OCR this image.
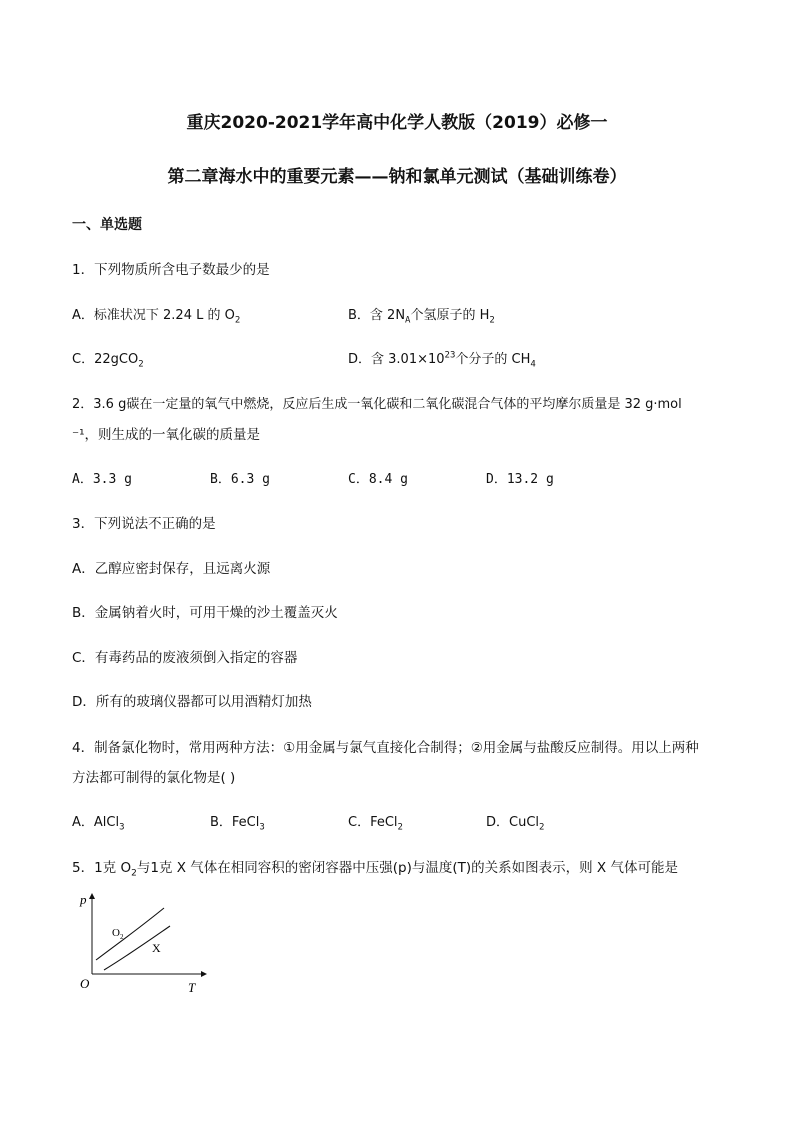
重庆2020-2021学年高中化学人教版（2019）必修一
第二章海水中的重要元素——钠和氯单元测试（基础训练卷）
一、单选题
1．下列物质所含电子数最少的是
A．标准状况下 2.24 L 的 $O_2$	B．含 $2N_A$个氢原子的 $H_2$
C．22gCO$_2$	D．含 $3.01\times 10^{23}$个分子的 $CH_4$
2．3.6 g碳在一定量的氧气中燃烧，反应后生成一氧化碳和二氧化碳混合气体的平均摩尔质量是 32 g·mol
⁻¹，则生成的一氧化碳的质量是
A．3.3 g	B．6.3 g	C．8.4 g	D．13.2 g
3．下列说法不正确的是
A．乙醇应密封保存，且远离火源
B．金属钠着火时，可用干燥的沙土覆盖灭火
C．有毒药品的废液须倒入指定的容器
D．所有的玻璃仪器都可以用酒精灯加热
4．制备氯化物时，常用两种方法：①用金属与氯气直接化合制得；②用金属与盐酸反应制得。用以上两种
方法都可制得的氯化物是( )
A．AlCl$_3$	B．FeCl$_3$	C．FeCl$_2$	D．CuCl$_2$
5．1克 $O_2$与1克 X 气体在相同容积的密闭容器中压强(p)与温度(T)的关系如图表示，则 X 气体可能是
p
T
O
$O_2$
X
